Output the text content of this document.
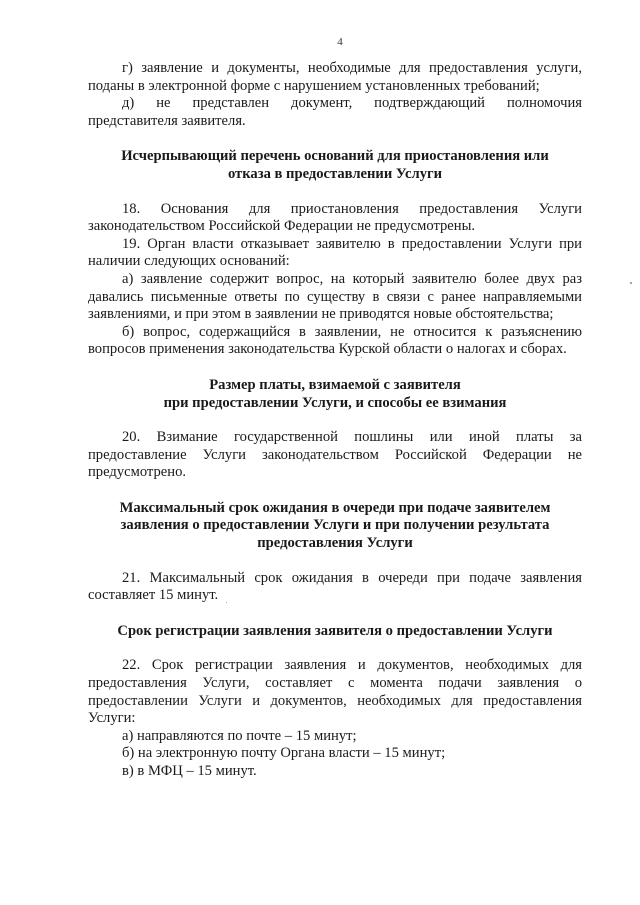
4

г) заявление и документы, необходимые для предоставления услуги, поданы в электронной форме с нарушением установленных требований;

д) не представлен документ, подтверждающий полномочия представителя заявителя.

Исчерпывающий перечень оснований для приостановления или

отказа в предоставлении Услуги

18. Основания для приостановления предоставления Услуги законодательством Российской Федерации не предусмотрены.

19. Орган власти отказывает заявителю в предоставлении Услуги при наличии следующих оснований:

а) заявление содержит вопрос, на который заявителю более двух раз давались письменные ответы по существу в связи с ранее направляемыми заявлениями, и при этом в заявлении не приводятся новые обстоятельства;

б) вопрос, содержащийся в заявлении, не относится к разъяснению вопросов применения законодательства Курской области о налогах и сборах.

Размер платы, взимаемой с заявителя

при предоставлении Услуги, и способы ее взимания

20. Взимание государственной пошлины или иной платы за предоставление Услуги законодательством Российской Федерации не предусмотрено.

Максимальный срок ожидания в очереди при подаче заявителем

заявления о предоставлении Услуги и при получении результата

предоставления Услуги

21. Максимальный срок ожидания в очереди при подаче заявления составляет 15 минут.

Срок регистрации заявления заявителя о предоставлении Услуги

22. Срок регистрации заявления и документов, необходимых для предоставления Услуги, составляет с момента подачи заявления о предоставлении Услуги и документов, необходимых для предоставления Услуги:

а) направляются по почте – 15 минут;

б) на электронную почту Органа власти – 15 минут;

в) в МФЦ – 15 минут.
